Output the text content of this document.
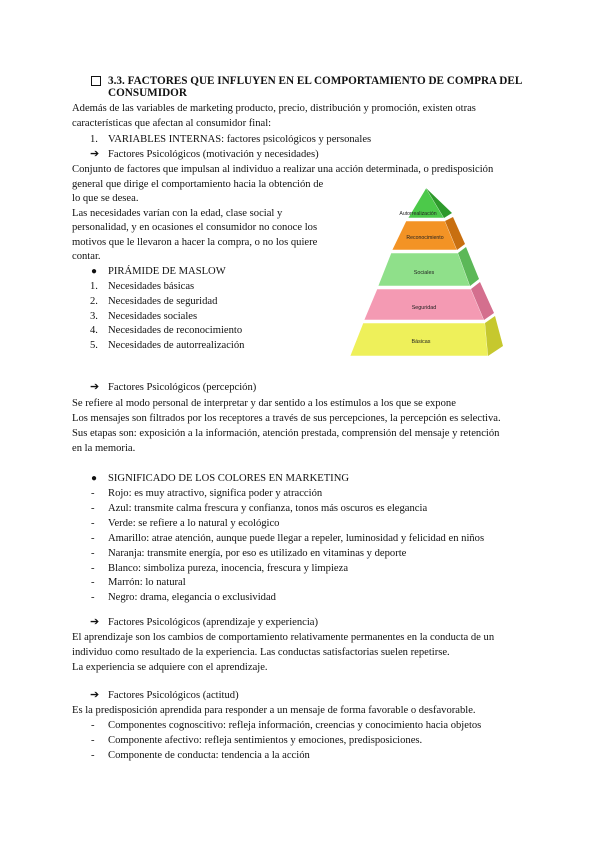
3.3. FACTORES QUE INFLUYEN EN EL COMPORTAMIENTO DE COMPRA DEL
CONSUMIDOR
Además de las variables de marketing producto, precio, distribución y promoción, existen otras
características que afectan al consumidor final:
1. VARIABLES INTERNAS: factores psicológicos y personales
➔ Factores Psicológicos (motivación y necesidades)
Conjunto de factores que impulsan al individuo a realizar una acción determinada, o predisposición
general que dirige el comportamiento hacia la obtención de
lo que se desea.
Las necesidades varían con la edad, clase social y
personalidad, y en ocasiones el consumidor no conoce los
motivos que le llevaron a hacer la compra, o no los quiere
contar.
● PIRÁMIDE DE MASLOW
1. Necesidades básicas
2. Necesidades de seguridad
3. Necesidades sociales
4. Necesidades de reconocimiento
5. Necesidades de autorrealización
Autorrealización
Reconocimiento
Sociales
Seguridad
Básicas
➔ Factores Psicológicos (percepción)
Se refiere al modo personal de interpretar y dar sentido a los estímulos a los que se expone
Los mensajes son filtrados por los receptores a través de sus percepciones, la percepción es selectiva.
Sus etapas son: exposición a la información, atención prestada, comprensión del mensaje y retención
en la memoria.
● SIGNIFICADO DE LOS COLORES EN MARKETING
- Rojo: es muy atractivo, significa poder y atracción
- Azul: transmite calma frescura y confianza, tonos más oscuros es elegancia
- Verde: se refiere a lo natural y ecológico
- Amarillo: atrae atención, aunque puede llegar a repeler, luminosidad y felicidad en niños
- Naranja: transmite energía, por eso es utilizado en vitaminas y deporte
- Blanco: simboliza pureza, inocencia, frescura y limpieza
- Marrón: lo natural
- Negro: drama, elegancia o exclusividad
➔ Factores Psicológicos (aprendizaje y experiencia)
El aprendizaje son los cambios de comportamiento relativamente permanentes en la conducta de un
individuo como resultado de la experiencia. Las conductas satisfactorias suelen repetirse.
La experiencia se adquiere con el aprendizaje.
➔ Factores Psicológicos (actitud)
Es la predisposición aprendida para responder a un mensaje de forma favorable o desfavorable.
- Componentes cognoscitivo: refleja información, creencias y conocimiento hacia objetos
- Componente afectivo: refleja sentimientos y emociones, predisposiciones.
- Componente de conducta: tendencia a la acción
